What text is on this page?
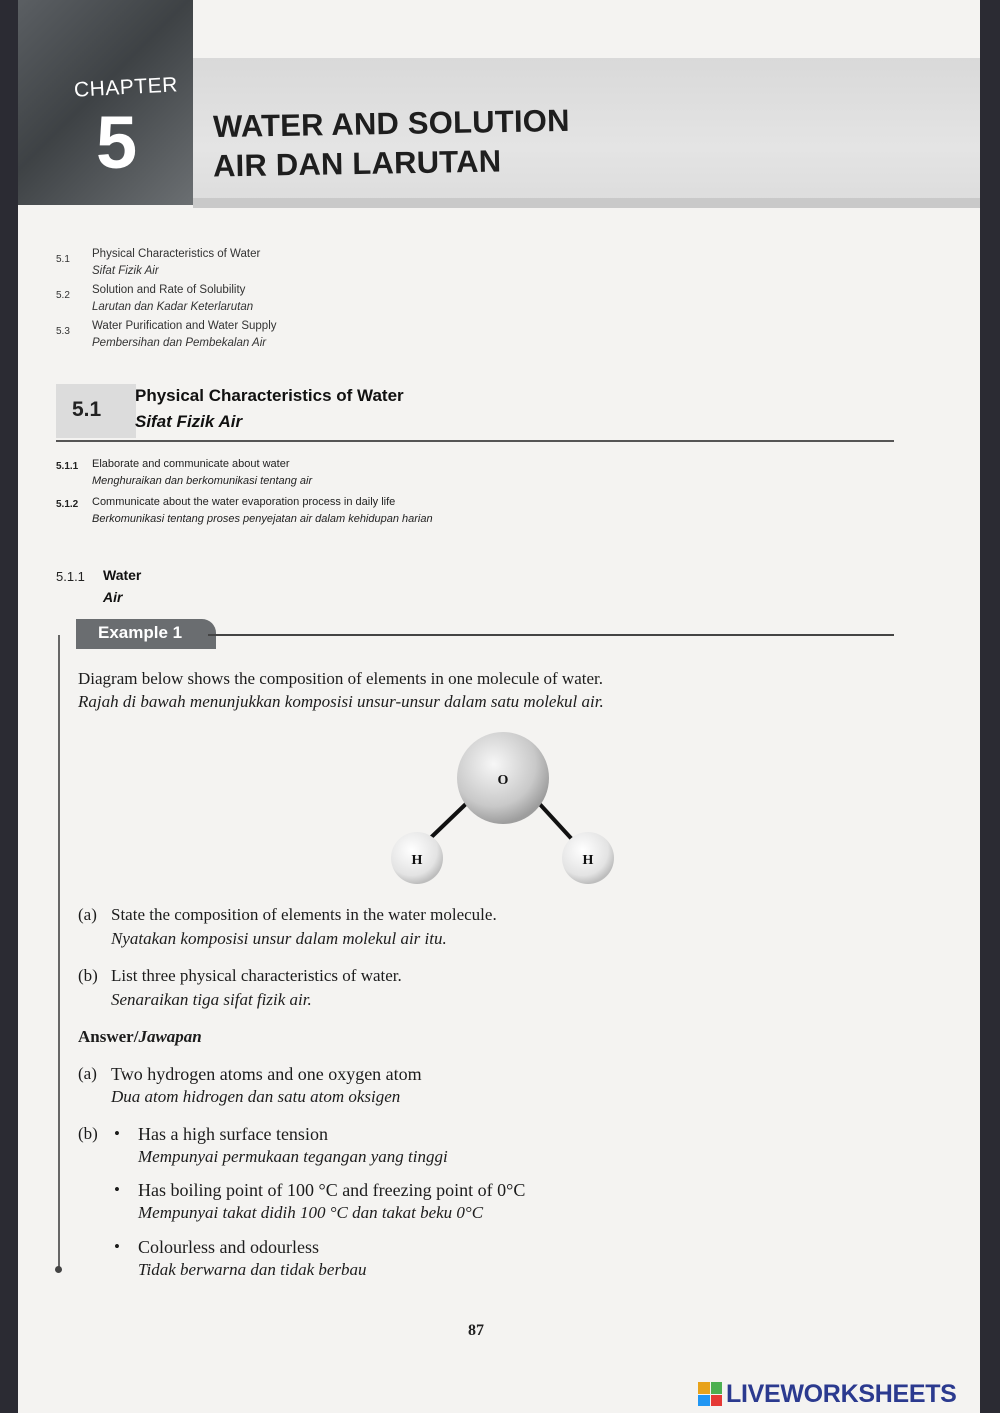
CHAPTER
5 WATER AND SOLUTION
AIR DAN LARUTAN
5.1 Physical Characteristics of Water
Sifat Fizik Air
5.2 Solution and Rate of Solubility
Larutan dan Kadar Keterlarutan
5.3 Water Purification and Water Supply
Pembersihan dan Pembekalan Air
5.1
Physical Characteristics of Water
Sifat Fizik Air
5.1.1 Elaborate and communicate about water
Menghuraikan dan berkomunikasi tentang air
5.1.2 Communicate about the water evaporation process in daily life
Berkomunikasi tentang proses penyejatan air dalam kehidupan harian
5.1.1 Water
Air
Example 1
Diagram below shows the composition of elements in one molecule of water.
Rajah di bawah menunjukkan komposisi unsur-unsur dalam satu molekul air.
O
H	H
(a) State the composition of elements in the water molecule.
Nyatakan komposisi unsur dalam molekul air itu.
(b) List three physical characteristics of water.
Senaraikan tiga sifat fizik air.
Answer/Jawapan
(a) Two hydrogen atoms and one oxygen atom
Dua atom hidrogen dan satu atom oksigen
(b) • Has a high surface tension
Mempunyai permukaan tegangan yang tinggi
• Has boiling point of 100 °C and freezing point of 0°C
Mempunyai takat didih 100 °C dan takat beku 0°C
• Colourless and odourless
Tidak berwarna dan tidak berbau
87
LIVEWORKSHEETS
